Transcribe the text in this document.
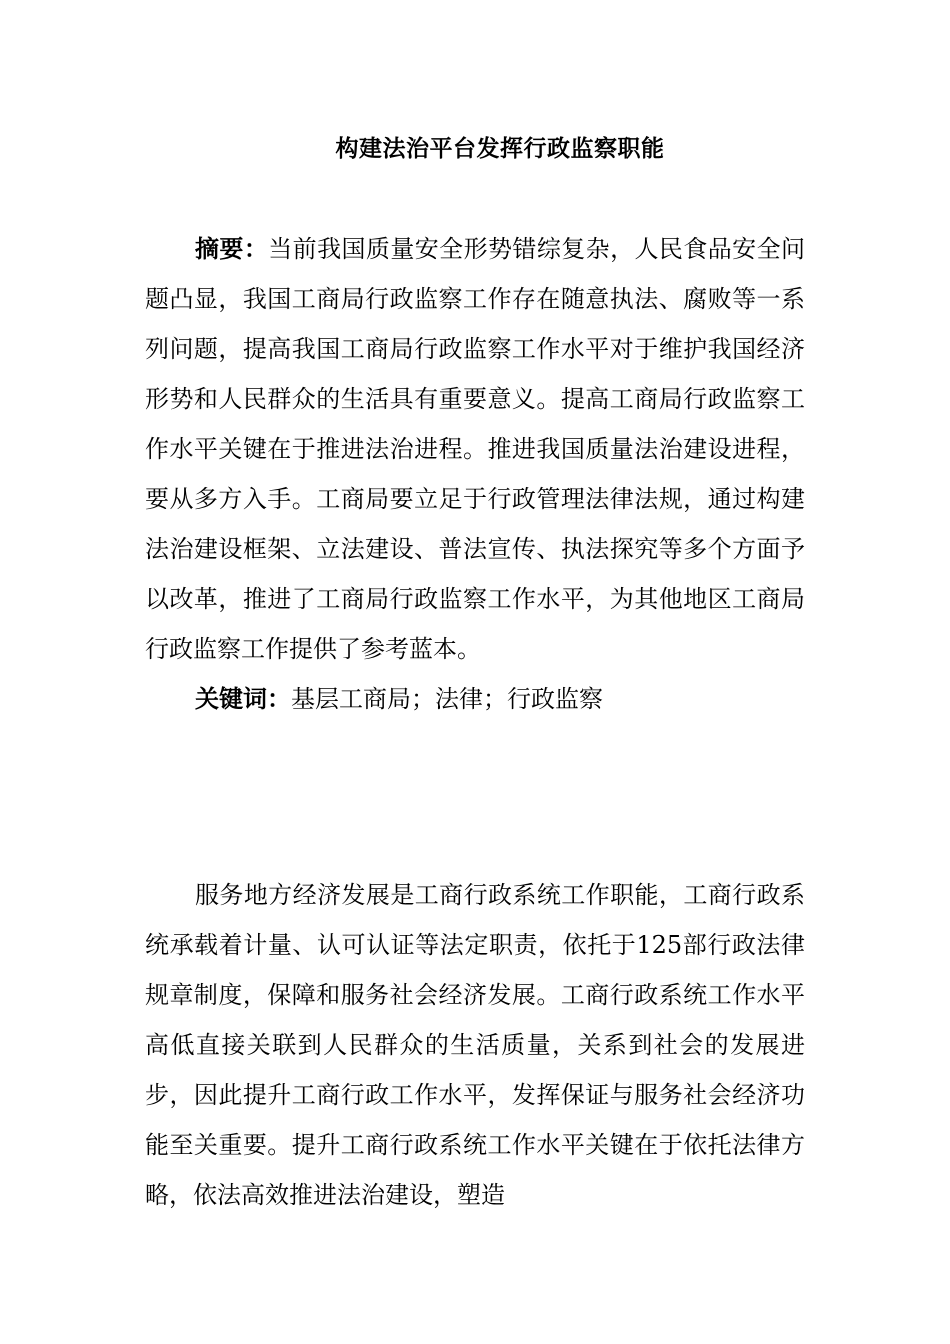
构建法治平台发挥行政监察职能

摘要：当前我国质量安全形势错综复杂，人民食品安全问题凸显，我国工商局行政监察工作存在随意执法、腐败等一系列问题，提高我国工商局行政监察工作水平对于维护我国经济形势和人民群众的生活具有重要意义。提高工商局行政监察工作水平关键在于推进法治进程。推进我国质量法治建设进程，要从多方入手。工商局要立足于行政管理法律法规，通过构建法治建设框架、立法建设、普法宣传、执法探究等多个方面予以改革，推进了工商局行政监察工作水平，为其他地区工商局行政监察工作提供了参考蓝本。

关键词：基层工商局；法律；行政监察

服务地方经济发展是工商行政系统工作职能，工商行政系统承载着计量、认可认证等法定职责，依托于125部行政法律规章制度，保障和服务社会经济发展。工商行政系统工作水平高低直接关联到人民群众的生活质量，关系到社会的发展进步，因此提升工商行政工作水平，发挥保证与服务社会经济功能至关重要。提升工商行政系统工作水平关键在于依托法律方略，依法高效推进法治建设，塑造
